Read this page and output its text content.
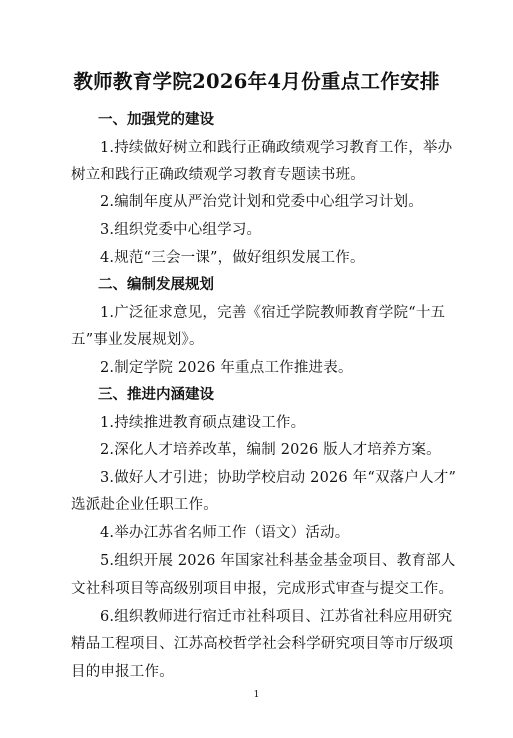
教师教育学院2026年4月份重点工作安排
一、加强党的建设
1.持续做好树立和践行正确政绩观学习教育工作，举办
树立和践行正确政绩观学习教育专题读书班。
2.编制年度从严治党计划和党委中心组学习计划。
3.组织党委中心组学习。
4.规范“三会一课”，做好组织发展工作。
二、编制发展规划
1.广泛征求意见，完善《宿迁学院教师教育学院“十五
五”事业发展规划》。
2.制定学院 2026 年重点工作推进表。
三、推进内涵建设
1.持续推进教育硕点建设工作。
2.深化人才培养改革，编制 2026 版人才培养方案。
3.做好人才引进；协助学校启动 2026 年“双落户人才”
选派赴企业任职工作。
4.举办江苏省名师工作（语文）活动。
5.组织开展 2026 年国家社科基金基金项目、教育部人
文社科项目等高级别项目申报，完成形式审查与提交工作。
6.组织教师进行宿迁市社科项目、江苏省社科应用研究
精品工程项目、江苏高校哲学社会科学研究项目等市厅级项
目的申报工作。
1
